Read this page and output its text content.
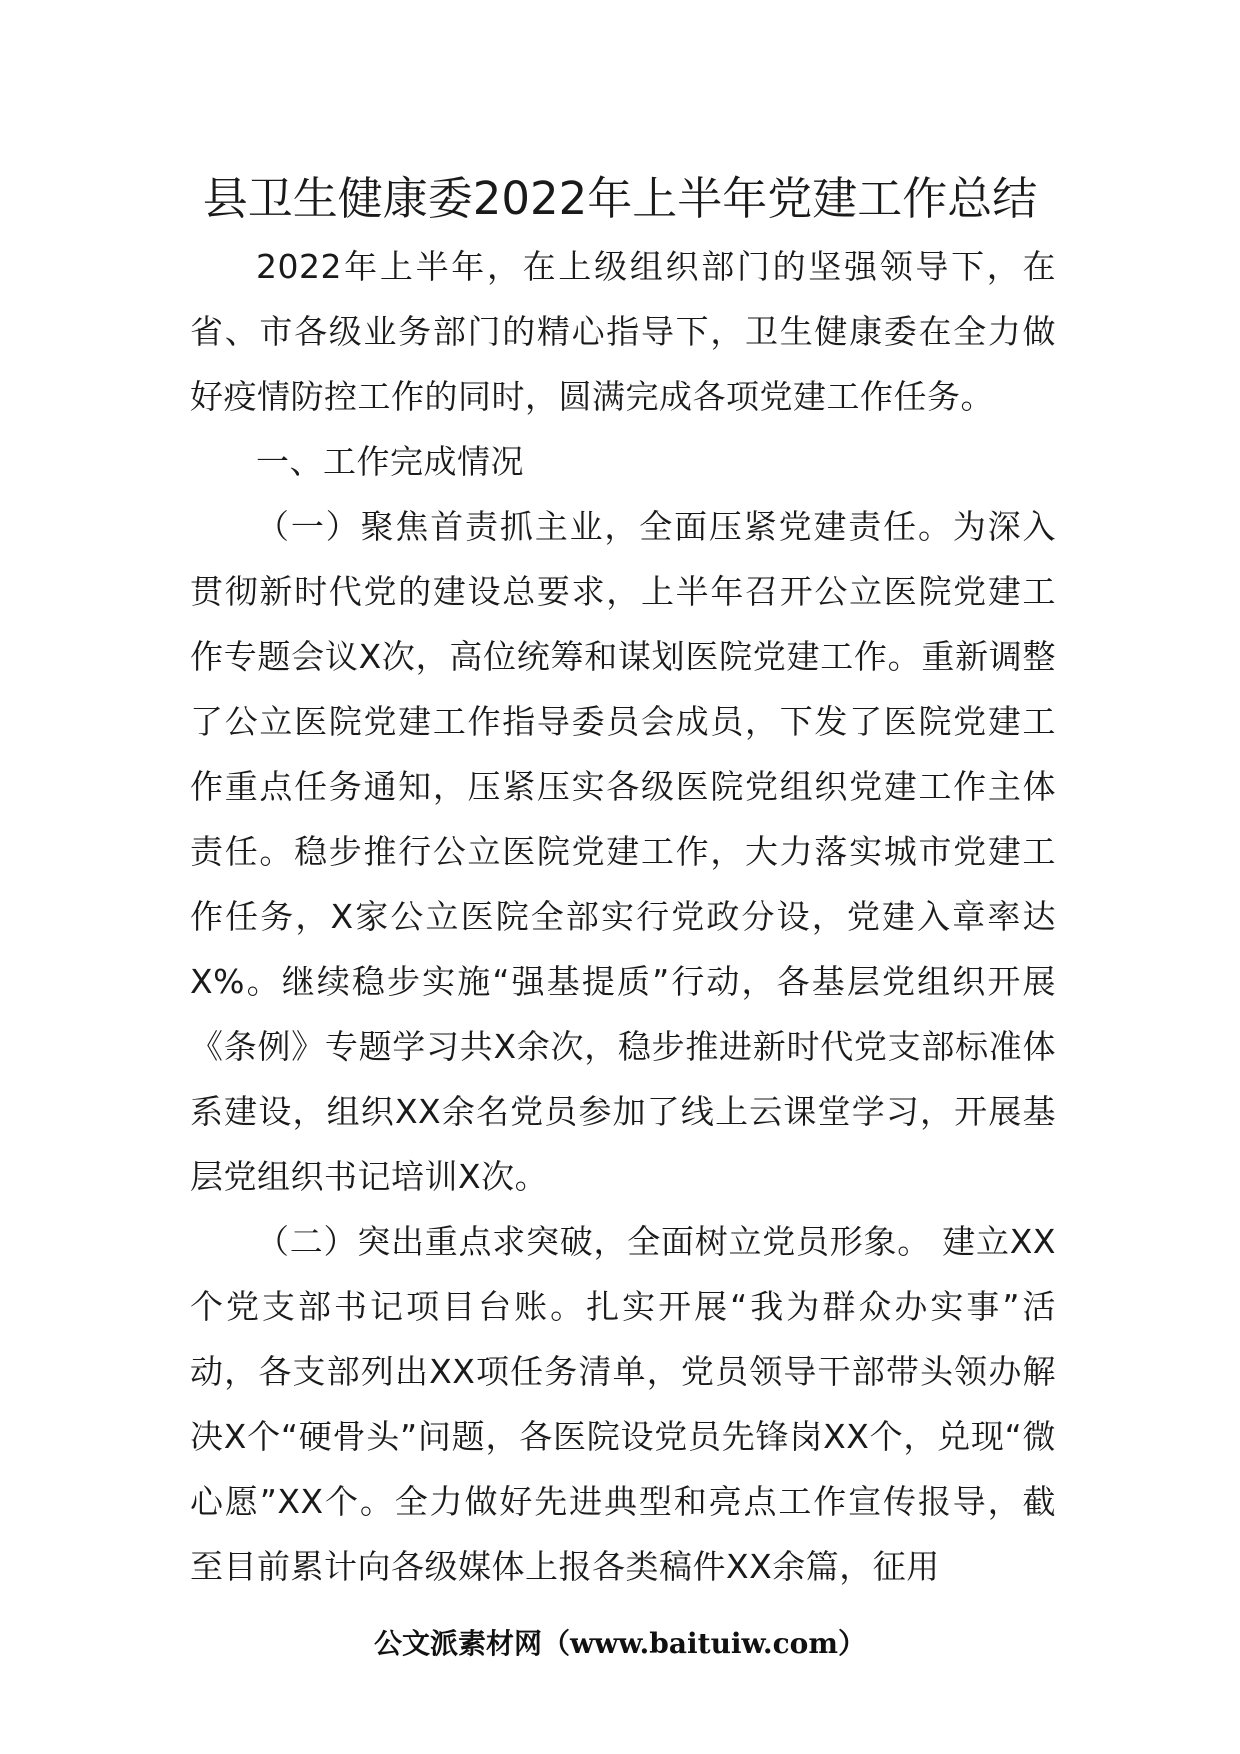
县卫生健康委2022年上半年党建工作总结

2022年上半年，在上级组织部门的坚强领导下，在省、市各级业务部门的精心指导下，卫生健康委在全力做好疫情防控工作的同时，圆满完成各项党建工作任务。

一、工作完成情况

（一）聚焦首责抓主业，全面压紧党建责任。为深入贯彻新时代党的建设总要求，上半年召开公立医院党建工作专题会议X次，高位统筹和谋划医院党建工作。重新调整了公立医院党建工作指导委员会成员，下发了医院党建工作重点任务通知，压紧压实各级医院党组织党建工作主体责任。稳步推行公立医院党建工作，大力落实城市党建工作任务，X家公立医院全部实行党政分设，党建入章率达X%。继续稳步实施“强基提质”行动，各基层党组织开展《条例》专题学习共X余次，稳步推进新时代党支部标准体系建设，组织XX余名党员参加了线上云课堂学习，开展基层党组织书记培训X次。

（二）突出重点求突破，全面树立党员形象。 建立XX个党支部书记项目台账。扎实开展“我为群众办实事”活动，各支部列出XX项任务清单，党员领导干部带头领办解决X个“硬骨头”问题，各医院设党员先锋岗XX个，兑现“微心愿”XX个。全力做好先进典型和亮点工作宣传报导，截至目前累计向各级媒体上报各类稿件XX余篇，征用

公文派素材网（www.baituiw.com）
